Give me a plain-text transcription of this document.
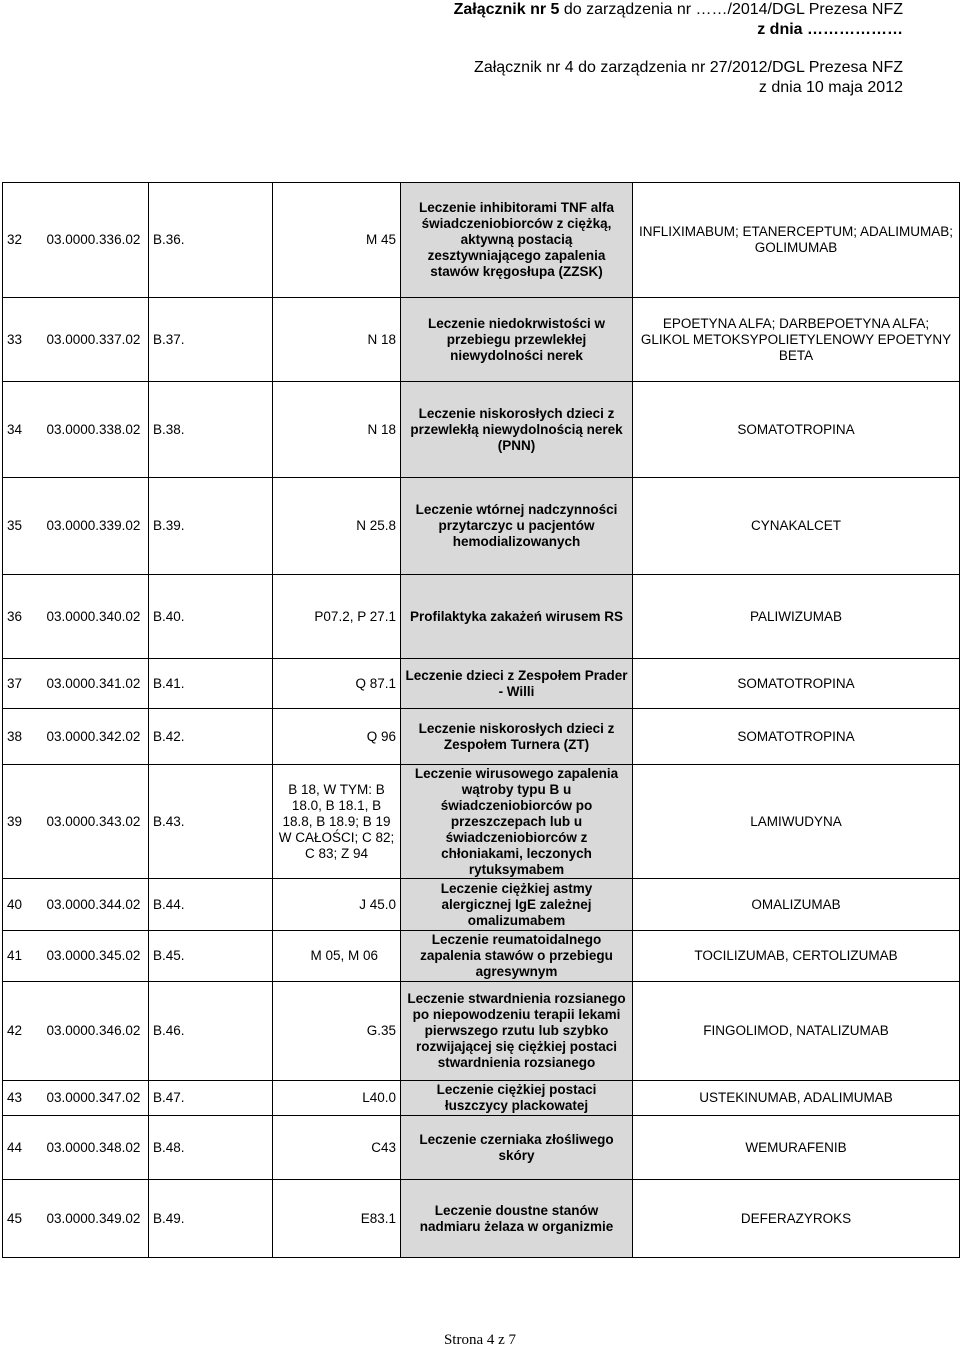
Załącznik nr 5 do zarządzenia nr ……/2014/DGL Prezesa NFZ
z dnia ………………
Załącznik nr 4 do zarządzenia nr 27/2012/DGL Prezesa NFZ
z dnia 10 maja 2012
32	03.0000.336.02	B.36.	M 45	Leczenie inhibitorami TNF alfa świadczeniobiorców z ciężką, aktywną postacią zesztywniającego zapalenia stawów kręgosłupa (ZZSK)	INFLIXIMABUM; ETANERCEPTUM; ADALIMUMAB; GOLIMUMAB
33	03.0000.337.02	B.37.	N 18	Leczenie niedokrwistości w przebiegu przewlekłej niewydolności nerek	EPOETYNA ALFA; DARBEPOETYNA ALFA; GLIKOL METOKSYPOLIETYLENOWY EPOETYNY BETA
34	03.0000.338.02	B.38.	N 18	Leczenie niskorosłych dzieci z przewlekłą niewydolnością nerek (PNN)	SOMATOTROPINA
35	03.0000.339.02	B.39.	N 25.8	Leczenie wtórnej nadczynności przytarczyc u pacjentów hemodializowanych	CYNAKALCET
36	03.0000.340.02	B.40.	P07.2, P 27.1	Profilaktyka zakażeń wirusem RS	PALIWIZUMAB
37	03.0000.341.02	B.41.	Q 87.1	Leczenie dzieci z Zespołem Prader - Willi	SOMATOTROPINA
38	03.0000.342.02	B.42.	Q 96	Leczenie niskorosłych dzieci z Zespołem Turnera (ZT)	SOMATOTROPINA
39	03.0000.343.02	B.43.	B 18, W TYM: B 18.0, B 18.1, B 18.8, B 18.9; B 19 W CAŁOŚCI; C 82; C 83; Z 94	Leczenie wirusowego zapalenia wątroby typu B u świadczeniobiorców po przeszczepach lub u świadczeniobiorców z chłoniakami, leczonych rytuksymabem	LAMIWUDYNA
40	03.0000.344.02	B.44.	J 45.0	Leczenie ciężkiej astmy alergicznej IgE zależnej omalizumabem	OMALIZUMAB
41	03.0000.345.02	B.45.	M 05, M 06	Leczenie reumatoidalnego zapalenia stawów o przebiegu agresywnym	TOCILIZUMAB, CERTOLIZUMAB
42	03.0000.346.02	B.46.	G.35	Leczenie stwardnienia rozsianego po niepowodzeniu terapii lekami pierwszego rzutu lub szybko rozwijającej się ciężkiej postaci stwardnienia rozsianego	FINGOLIMOD, NATALIZUMAB
43	03.0000.347.02	B.47.	L40.0	Leczenie ciężkiej postaci łuszczycy plackowatej	USTEKINUMAB, ADALIMUMAB
44	03.0000.348.02	B.48.	C43	Leczenie czerniaka złośliwego skóry	WEMURAFENIB
45	03.0000.349.02	B.49.	E83.1	Leczenie doustne stanów nadmiaru żelaza w organizmie	DEFERAZYROKS
Strona 4 z 7
